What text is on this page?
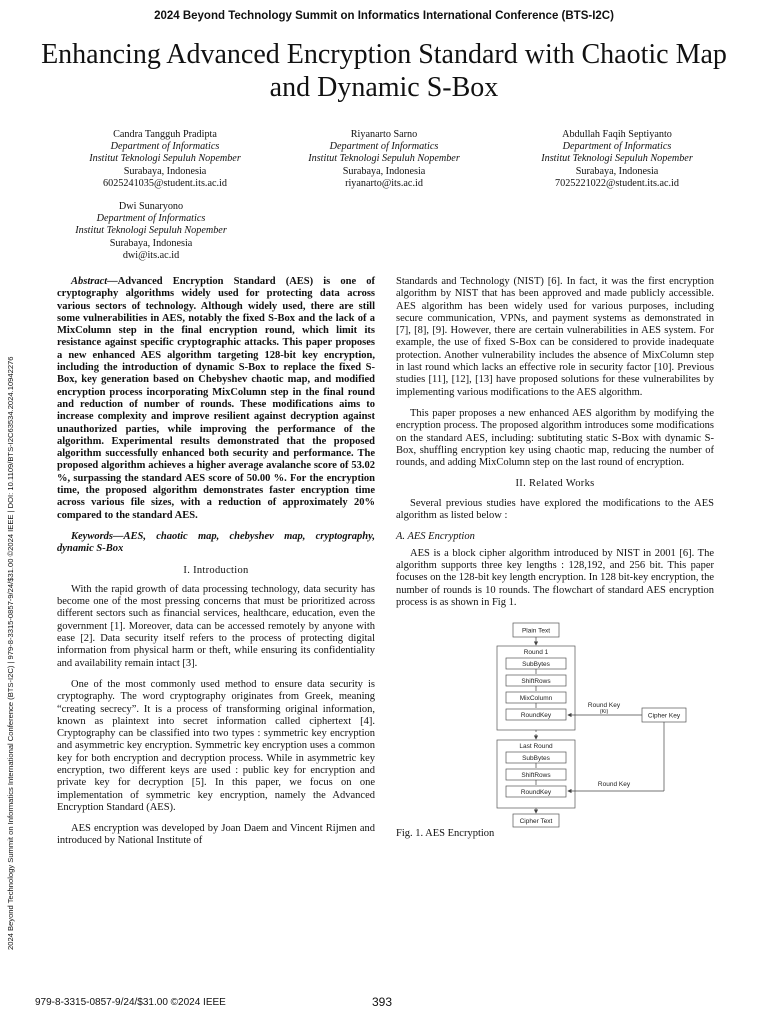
2024 Beyond Technology Summit on Informatics International Conference (BTS-I2C)
Enhancing Advanced Encryption Standard with Chaotic Map and Dynamic S-Box
Candra Tangguh Pradipta
Department of Informatics
Institut Teknologi Sepuluh Nopember
Surabaya, Indonesia
6025241035@student.its.ac.id
Riyanarto Sarno
Department of Informatics
Institut Teknologi Sepuluh Nopember
Surabaya, Indonesia
riyanarto@its.ac.id
Abdullah Faqih Septiyanto
Department of Informatics
Institut Teknologi Sepuluh Nopember
Surabaya, Indonesia
7025221022@student.its.ac.id
Dwi Sunaryono
Department of Informatics
Institut Teknologi Sepuluh Nopember
Surabaya, Indonesia
dwi@its.ac.id
2024 Beyond Technology Summit on Informatics International Conference (BTS-I2C) | 979-8-3315-0857-9/24/$31.00 ©2024 IEEE | DOI: 10.1109/BTS-I2C63534.2024.10942276

Abstract—Advanced Encryption Standard (AES) is one of cryptography algorithms widely used for protecting data across various sectors of technology. Although widely used, there are still some vulnerabilities in AES, notably the fixed S-Box and the lack of a MixColumn step in the final encryption round, which limit its resistance against specific cryptographic attacks. This paper proposes a new enhanced AES algorithm targeting 128-bit key encryption, including the introduction of dynamic S-Box to replace the fixed S-Box, key generation based on Chebyshev chaotic map, and modified encryption process incorporating MixColumn step in the final round and reduction of number of rounds. These modifications aims to increase complexity and improve resilient against decryption against unauthorized parties, while improving the performance of the algorithm. Experimental results demonstrated that the proposed algorithm successfully enhanced both security and performance. The proposed algorithm achieves a higher average avalanche score of 53.02 %, surpassing the standard AES score of 50.00 %. For the encryption time, the proposed algorithm demonstrates faster encryption time across various file sizes, with a reduction of approximately 20% compared to the standard AES.

Keywords—AES, chaotic map, chebyshev map, cryptography, dynamic S-Box

I. Introduction

With the rapid growth of data processing technology, data security has become one of the most pressing concerns that must be prioritized across different sectors such as financial services, healthcare, education, even the government [1]. Moreover, data can be accessed remotely by anyone with ease [2]. Data security itself refers to the process of protecting digital information from physical harm or theft, while ensuring its confidentiality and availability remain intact [3].

One of the most commonly used method to ensure data security is cryptography. The word cryptography originates from Greek, meaning “creating secrecy”. It is a process of transforming original information, known as plaintext into secret information called ciphertext [4]. Cryptography can be classified into two types : symmetric key encryption and asymmetric key encryption. Symmetric key encryption uses a common key for both encryption and decryption process. While in asymmetric key encryption, two different keys are used : public key for encryption and private key for decryption [5]. In this paper, we focus on one implementation of symmetric key encryption, namely the Advanced Encryption Standard (AES).

AES encryption was developed by Joan Daem and Vincent Rijmen and introduced by National Institute of

Standards and Technology (NIST) [6]. In fact, it was the first encryption algorithm by NIST that has been approved and made publicly accessible. AES algorithm has been widely used for various purposes, including secure communication, VPNs, and payment systems as demonstrated in [7], [8], [9]. However, there are certain vulnerabilities in AES system. For example, the use of fixed S-Box can be considered to provide inadequate protection. Another vulnerability includes the absence of MixColumn step in last round which lacks an effective role in security factor [10]. Previous studies [11], [12], [13] have proposed solutions for these vulnerabilites by implementing various modifications to the AES algorithm.

This paper proposes a new enhanced AES algorithm by modifying the encryption process. The proposed algorithm introduces some modifications on the standard AES, including: subtituting static S-Box with dynamic S-Box, shuffling encryption key using chaotic map, reducing the number of rounds, and adding MixColumn step on the last round of encryption.

II. Related Works

Several previous studies have explored the modifications to the AES algorithm as listed below :

A. AES Encryption

AES is a block cipher algorithm introduced by NIST in 2001 [6]. The algorithm supports three key lengths : 128,192, and 256 bit. This paper focuses on the 128-bit key length encryption. In 128 bit-key encryption, the number of rounds is 10 rounds. The flowchart of standard AES encryption process is as shown in Fig 1.

Plain Text
Round 1
SubBytes
ShiftRows
MixColumn
RoundKey	Cipher Key
Round Key
(Ki)
Last Round
SubBytes
ShiftRows
RoundKey
Round Key
Cipher Text
Fig. 1. AES Encryption
979-8-3315-0857-9/24/$31.00 ©2024 IEEE	393
